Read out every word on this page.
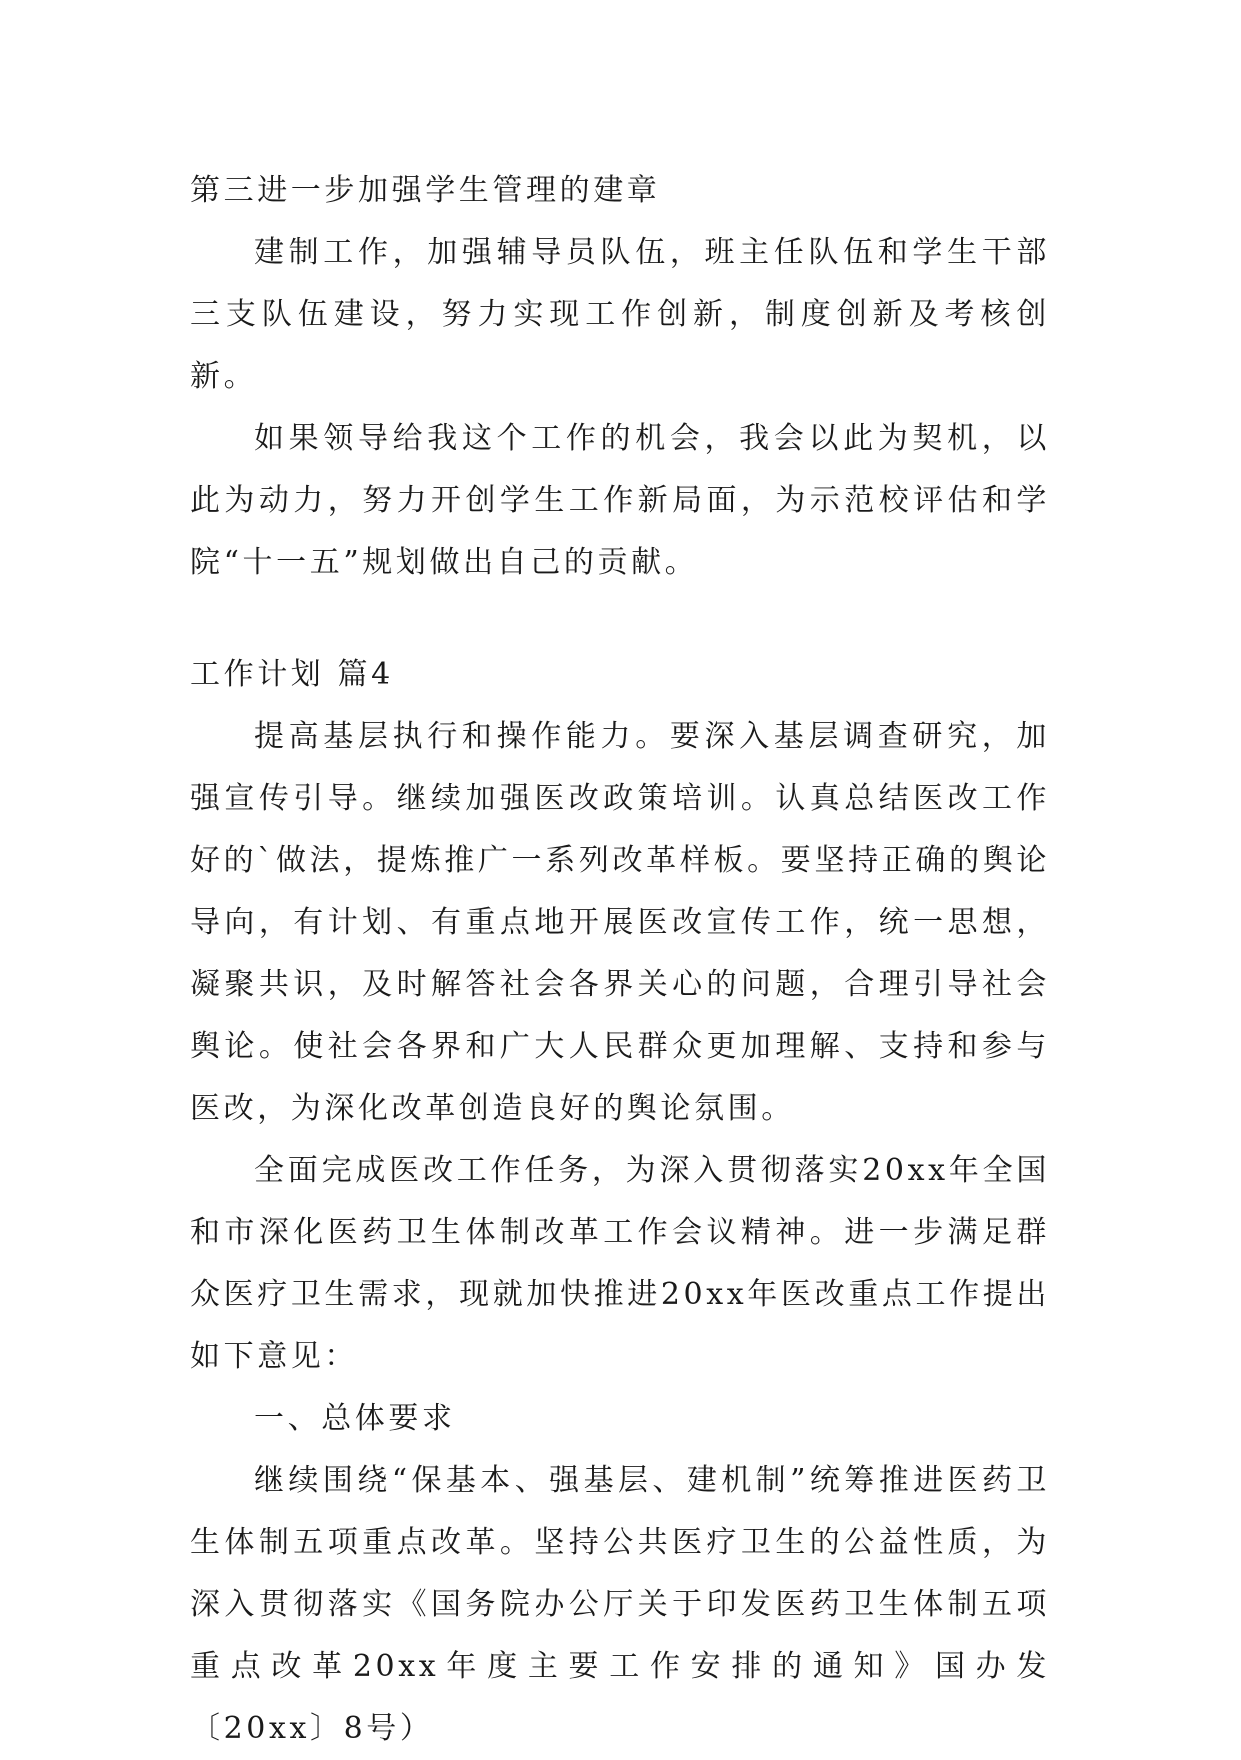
第三进一步加强学生管理的建章

建制工作，加强辅导员队伍，班主任队伍和学生干部三支队伍建设，努力实现工作创新，制度创新及考核创新。

如果领导给我这个工作的机会，我会以此为契机，以此为动力，努力开创学生工作新局面，为示范校评估和学院“十一五”规划做出自己的贡献。

工作计划 篇4

提高基层执行和操作能力。要深入基层调查研究，加强宣传引导。继续加强医改政策培训。认真总结医改工作好的`做法，提炼推广一系列改革样板。要坚持正确的舆论导向，有计划、有重点地开展医改宣传工作，统一思想，凝聚共识，及时解答社会各界关心的问题，合理引导社会舆论。使社会各界和广大人民群众更加理解、支持和参与医改，为深化改革创造良好的舆论氛围。

全面完成医改工作任务，为深入贯彻落实20xx年全国和市深化医药卫生体制改革工作会议精神。进一步满足群众医疗卫生需求，现就加快推进20xx年医改重点工作提出如下意见：

一、总体要求

继续围绕“保基本、强基层、建机制”统筹推进医药卫生体制五项重点改革。坚持公共医疗卫生的公益性质，为深入贯彻落实《国务院办公厅关于印发医药卫生体制五项重点改革20xx年度主要工作安排的通知》国办发〔20xx〕8号）
